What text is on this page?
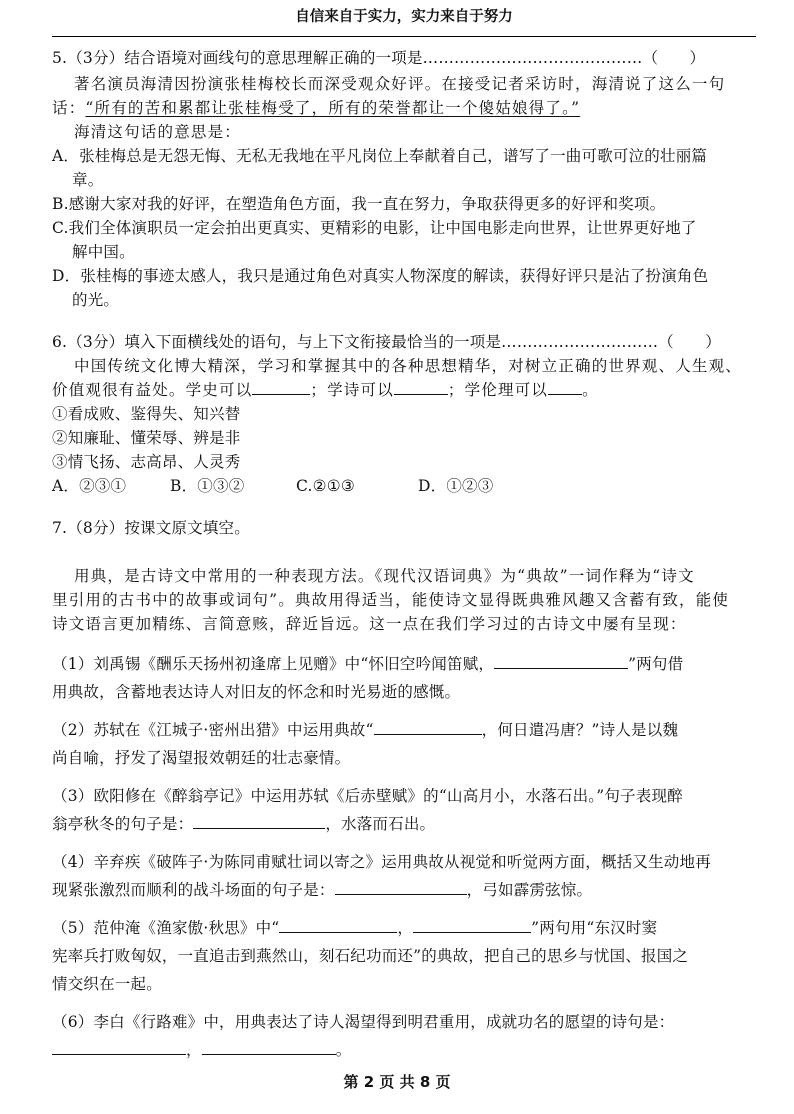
自信来自于实力，实力来自于努力
5.（3分）结合语境对画线句的意思理解正确的一项是……………………………………（　　）
著名演员海清因扮演张桂梅校长而深受观众好评。在接受记者采访时，海清说了这么一句
话：“所有的苦和累都让张桂梅受了，所有的荣誉都让一个傻姑娘得了。”
海清这句话的意思是：
A．张桂梅总是无怨无悔、无私无我地在平凡岗位上奉献着自己，谱写了一曲可歌可泣的壮丽篇
章。
B.感谢大家对我的好评，在塑造角色方面，我一直在努力，争取获得更多的好评和奖项。
C.我们全体演职员一定会拍出更真实、更精彩的电影，让中国电影走向世界，让世界更好地了
解中国。
D．张桂梅的事迹太感人，我只是通过角色对真实人物深度的解读，获得好评只是沾了扮演角色
的光。
6.（3分）填入下面横线处的语句，与上下文衔接最恰当的一项是…………………………（　　）
中国传统文化博大精深，学习和掌握其中的各种思想精华，对树立正确的世界观、人生观、
价值观很有益处。学史可以	；学诗可以	；学伦理可以 。
①看成败、鉴得失、知兴替
②知廉耻、懂荣辱、辨是非
③情飞扬、志高昂、人灵秀
A．②③①	B．①③②	C.②①③	D．①②③
7.（8分）按课文原文填空。
用典，是古诗文中常用的一种表现方法。《现代汉语词典》为“典故”一词作释为“诗文
里引用的古书中的故事或词句”。典故用得适当，能使诗文显得既典雅风趣又含蓄有致，能使
诗文语言更加精练、言简意赅，辞近旨远。这一点在我们学习过的古诗文中屡有呈现：
（1）刘禹锡《酬乐天扬州初逢席上见赠》中“怀旧空吟闻笛赋，	”两句借
用典故，含蓄地表达诗人对旧友的怀念和时光易逝的感慨。
（2）苏轼在《江城子·密州出猎》中运用典故“	，何日遣冯唐？”诗人是以魏
尚自喻，抒发了渴望报效朝廷的壮志豪情。
（3）欧阳修在《醉翁亭记》中运用苏轼《后赤壁赋》的“山高月小，水落石出。”句子表现醉
翁亭秋冬的句子是：	，水落而石出。
（4）辛弃疾《破阵子·为陈同甫赋壮词以寄之》运用典故从视觉和听觉两方面，概括又生动地再
现紧张激烈而顺利的战斗场面的句子是：	，弓如霹雳弦惊。
（5）范仲淹《渔家傲·秋思》中“	，	”两句用“东汉时窦
宪率兵打败匈奴，一直追击到燕然山，刻石纪功而还”的典故，把自己的思乡与忧国、报国之
情交织在一起。
（6）李白《行路难》中，用典表达了诗人渴望得到明君重用，成就功名的愿望的诗句是：
，	。
第 2 页 共 8 页
